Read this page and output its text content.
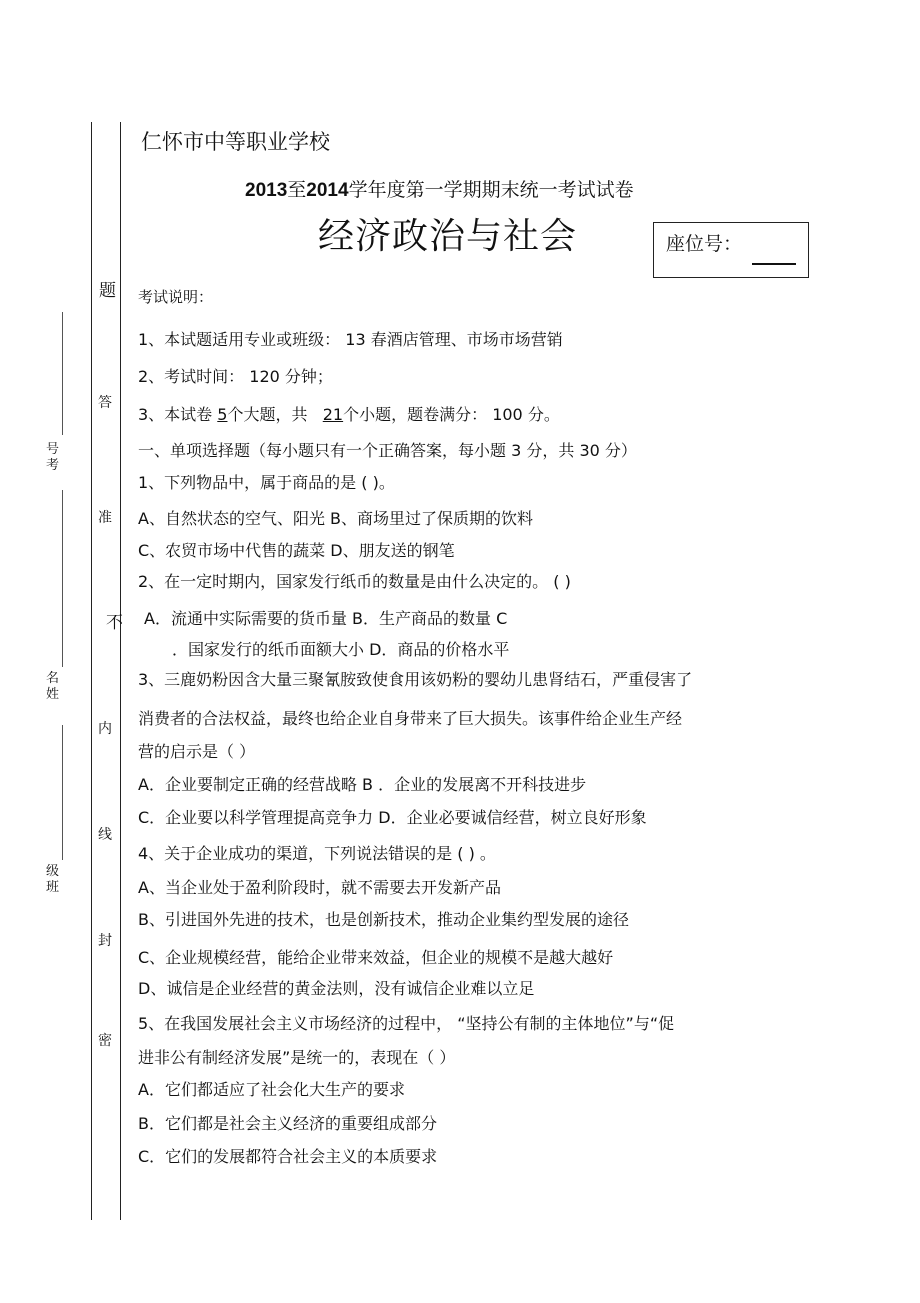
号 考
名 姓
级 班
题
答
准
不
内
线
封
密
仁怀市中等职业学校
2013至2014学年度第一学期期末统一考试试卷
经济政治与社会	座位号：
考试说明：
1、本试题适用专业或班级： 13 春酒店管理、市场市场营销
2、考试时间： 120 分钟；
3、本试卷 5个大题，共 21个小题，题卷满分： 100 分。
一、单项选择题（每小题只有一个正确答案，每小题 3 分，共 30 分）
1、下列物品中，属于商品的是 ( )。
A、自然状态的空气、阳光 B、商场里过了保质期的饮料
C、农贸市场中代售的蔬菜 D、朋友送的钢笔
2、在一定时期内，国家发行纸币的数量是由什么决定的。 ( )
A．流通中实际需要的货币量 B．生产商品的数量 C
．国家发行的纸币面额大小 D．商品的价格水平
3、三鹿奶粉因含大量三聚氰胺致使食用该奶粉的婴幼儿患肾结石，严重侵害了
消费者的合法权益，最终也给企业自身带来了巨大损失。该事件给企业生产经
营的启示是（ ）
A．企业要制定正确的经营战略 B ．企业的发展离不开科技进步
C．企业要以科学管理提高竞争力 D．企业必要诚信经营，树立良好形象
4、关于企业成功的渠道，下列说法错误的是 ( ) 。
A、当企业处于盈利阶段时，就不需要去开发新产品
B、引进国外先进的技术，也是创新技术，推动企业集约型发展的途径
C、企业规模经营，能给企业带来效益，但企业的规模不是越大越好
D、诚信是企业经营的黄金法则，没有诚信企业难以立足
5、在我国发展社会主义市场经济的过程中， “坚持公有制的主体地位”与“促
进非公有制经济发展”是统一的，表现在（ ）
A．它们都适应了社会化大生产的要求
B．它们都是社会主义经济的重要组成部分
C．它们的发展都符合社会主义的本质要求
